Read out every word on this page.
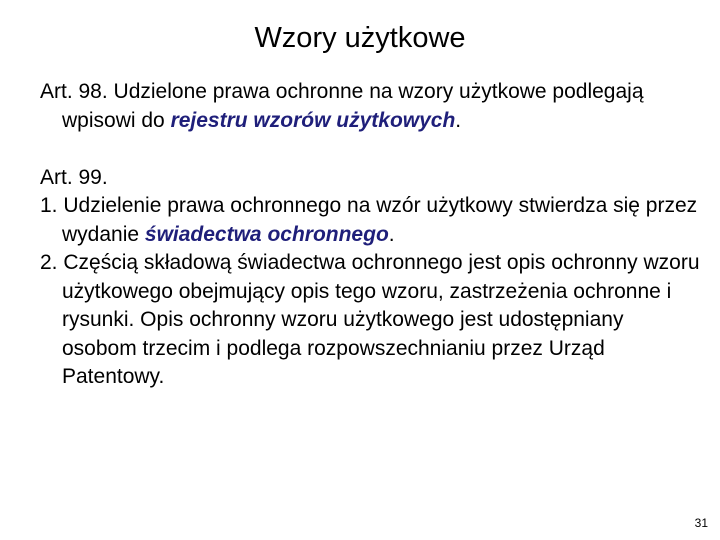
Wzory użytkowe

Art. 98. Udzielone prawa ochronne na wzory użytkowe podlegają wpisowi do rejestru wzorów użytkowych.

Art. 99.

1. Udzielenie prawa ochronnego na wzór użytkowy stwierdza się przez wydanie świadectwa ochronnego.

2. Częścią składową świadectwa ochronnego jest opis ochronny wzoru użytkowego obejmujący opis tego wzoru, zastrzeżenia ochronne i rysunki. Opis ochronny wzoru użytkowego jest udostępniany osobom trzecim i podlega rozpowszechnianiu przez Urząd Patentowy.

31
